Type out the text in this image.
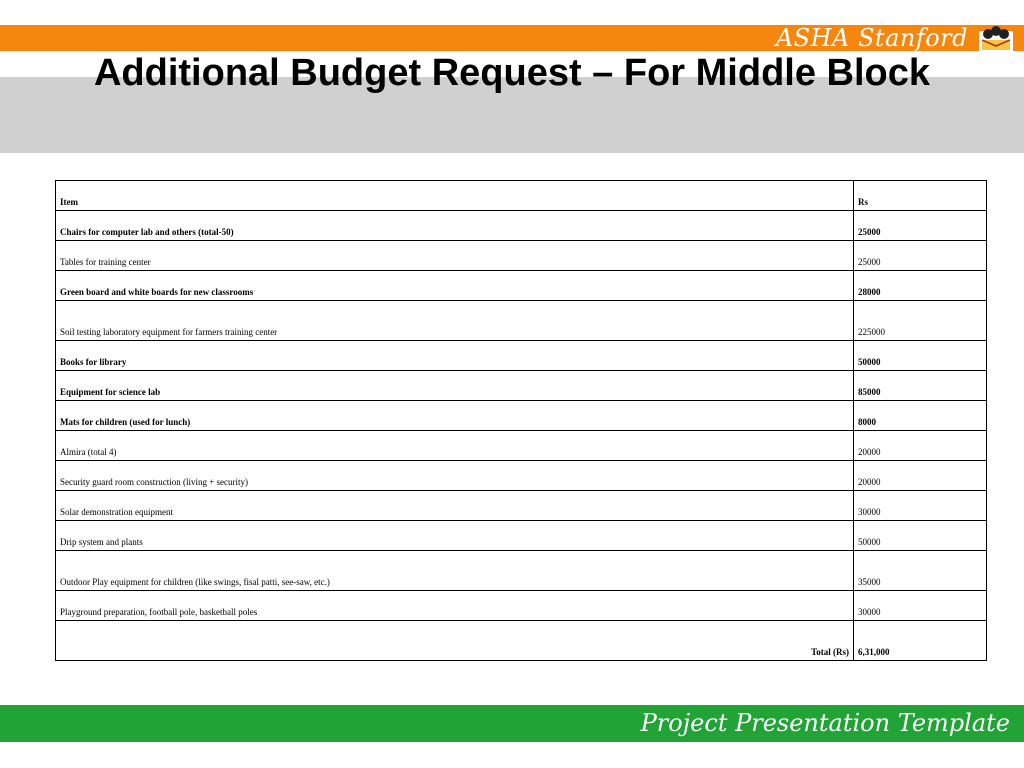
ASHA Stanford
Additional Budget Request – For Middle Block
Item	Rs
Chairs for computer lab and others (total-50)	25000
Tables for training center	25000
Green board and white boards for new classrooms	28000
Soil testing laboratory equipment for farmers training center	225000
Books for library	50000
Equipment for science lab	85000
Mats for children (used for lunch)	8000
Almira (total 4)	20000
Security guard room construction (living + security)	20000
Solar demonstration equipment	30000
Drip system and plants	50000
Outdoor Play equipment for children (like swings, fisal patti, see-saw, etc.)	35000
Playground preparation, football pole, basketball poles	30000
Total (Rs)	6,31,000
Project Presentation Template
